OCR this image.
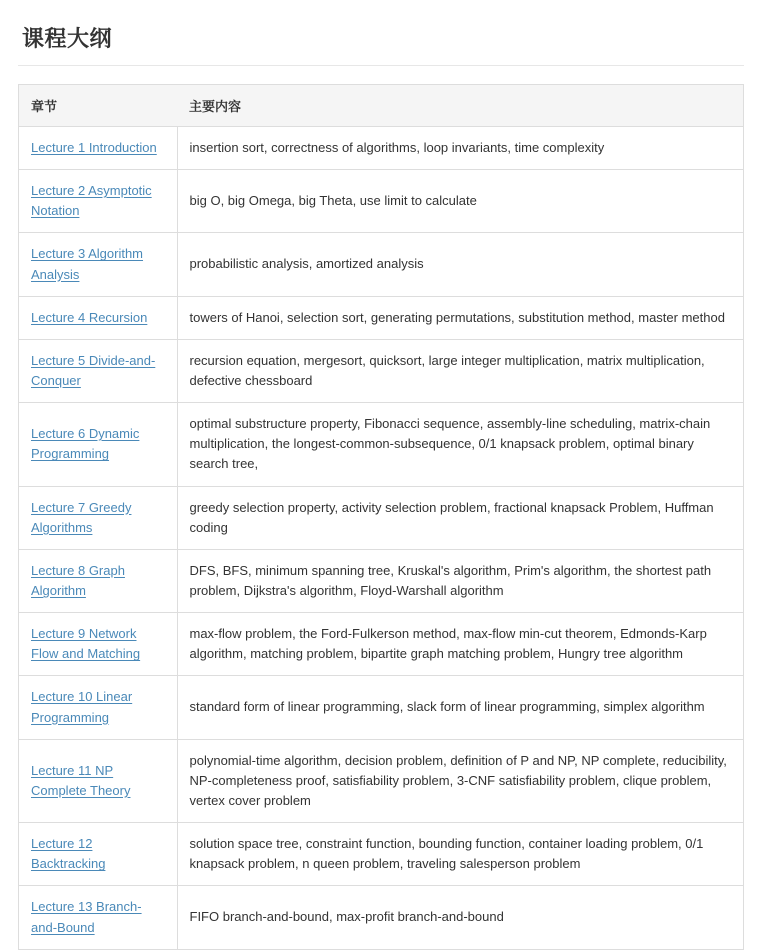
课程大纲
章节	主要内容
Lecture 1 Introduction	insertion sort, correctness of algorithms, loop invariants, time complexity
Lecture 2 Asymptotic Notation	big O, big Omega, big Theta, use limit to calculate
Lecture 3 Algorithm Analysis	probabilistic analysis, amortized analysis
Lecture 4 Recursion	towers of Hanoi, selection sort, generating permutations, substitution method, master method
Lecture 5 Divide-and-Conquer	recursion equation, mergesort, quicksort, large integer multiplication, matrix multiplication, defective chessboard
Lecture 6 Dynamic Programming	optimal substructure property, Fibonacci sequence, assembly-line scheduling, matrix-chain multiplication, the longest-common-subsequence, 0/1 knapsack problem, optimal binary search tree,
Lecture 7 Greedy Algorithms	greedy selection property, activity selection problem, fractional knapsack Problem, Huffman coding
Lecture 8 Graph Algorithm	DFS, BFS, minimum spanning tree, Kruskal's algorithm, Prim's algorithm, the shortest path problem, Dijkstra's algorithm, Floyd-Warshall algorithm
Lecture 9 Network Flow and Matching	max-flow problem, the Ford-Fulkerson method, max-flow min-cut theorem, Edmonds-Karp algorithm, matching problem, bipartite graph matching problem, Hungry tree algorithm
Lecture 10 Linear Programming	standard form of linear programming, slack form of linear programming, simplex algorithm
Lecture 11 NP Complete Theory	polynomial-time algorithm, decision problem, definition of P and NP, NP complete, reducibility, NP-completeness proof, satisfiability problem, 3-CNF satisfiability problem, clique problem, vertex cover problem
Lecture 12 Backtracking	solution space tree, constraint function, bounding function, container loading problem, 0/1 knapsack problem, n queen problem, traveling salesperson problem
Lecture 13 Branch-and-Bound	FIFO branch-and-bound, max-profit branch-and-bound
